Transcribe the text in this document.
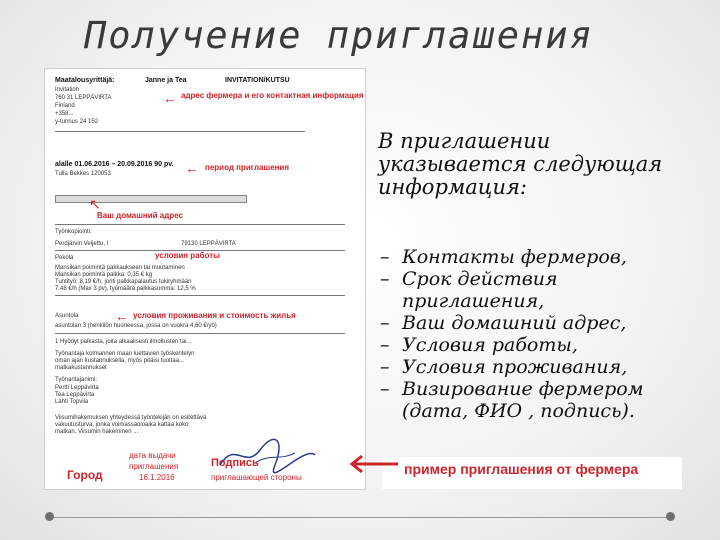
Получение приглашения
Maatalousyrittäjä:	Janne ja Tea	INVITATION/KUTSU
Invitation
760 31 LEPPÄVIRTA
Finland
+358...
y-tunnus 24 152
← адрес фермера и его контактная информация
alalle 01.06.2016 – 20.09.2016 90 pv.
Tulla Bekkes 120053	← период приглашения
↖
Ваш домашний адрес
Työnkopiointi:
Perdjärvin Veijettu, I	79130 LEPPÄVIRTA
Pekola	условия работы
Mansikan poimintä pakkaukseen tai muutaminen
Mansikan poimintä palkka: 0,35 € kg
Tuntityö: 8,19 €/h, joriti palkkapalautus tukiryhmään
7.48 €/h (Max 3 pv), työmäärä palkkasumma: 12,5 %
Asuntola	← условия проживания и стоимость жилья
asuntolan 3 (henkilön huoneessa, jossa on vuokra 4,60 €/yö)
1 Hyödyt palkasta, joita alkaalisesti ilmoitusten tai...
Työnantaja kolmannen maan luettavien työskentelyn
oman ajan kustannuksella, myös pitäisi tuottaa...
matkakustannukset
Työnantajanimi:
Pertti Leppävirta
Tea Leppävirta
Lahti Topvila
Viisumihakemuksen yhteydessä työntekijän on esitettävä
vakuutusturva, jonka voimassaoloaika kattaa koko
matkan. Viisumin hakeminen ...
дата выдачи
приглашения
16.1.2016
Город
Подпись
приглашающей стороны
В приглашении указывается следующая информация:
– Контакты фермеров,
– Срок действия приглашения,
– Ваш домашний адрес,
– Условия работы,
– Условия проживания,
– Визирование фермером (дата, ФИО , подпись).
пример приглашения от фермера
